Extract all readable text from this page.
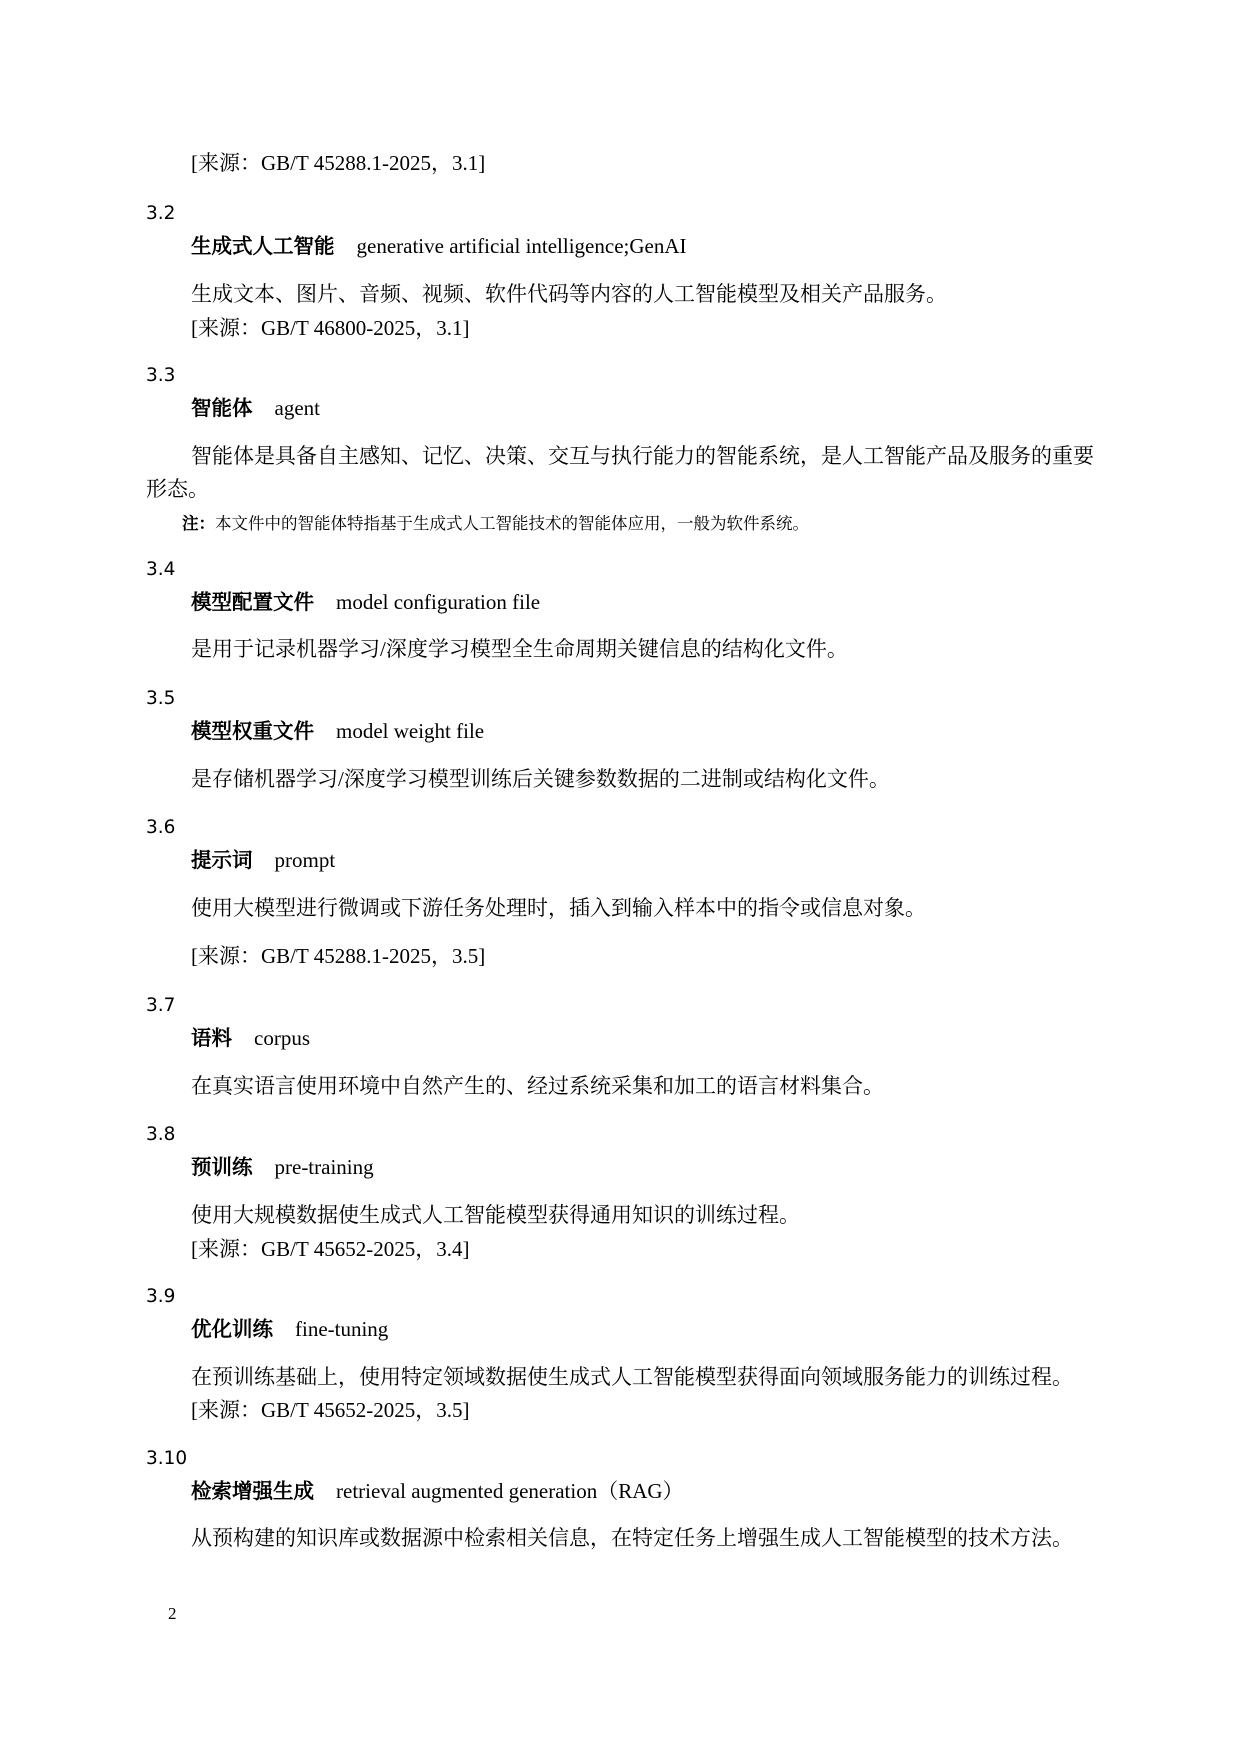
[来源：GB/T 45288.1-2025，3.1]
3.2
生成式人工智能 generative artificial intelligence;GenAI
生成文本、图片、音频、视频、软件代码等内容的人工智能模型及相关产品服务。
[来源：GB/T 46800-2025，3.1]
3.3
智能体 agent
智能体是具备自主感知、记忆、决策、交互与执行能力的智能系统，是人工智能产品及服务的重要
形态。
注：本文件中的智能体特指基于生成式人工智能技术的智能体应用，一般为软件系统。
3.4
模型配置文件 model configuration file
是用于记录机器学习/深度学习模型全生命周期关键信息的结构化文件。
3.5
模型权重文件 model weight file
是存储机器学习/深度学习模型训练后关键参数数据的二进制或结构化文件。
3.6
提示词 prompt
使用大模型进行微调或下游任务处理时，插入到输入样本中的指令或信息对象。
[来源：GB/T 45288.1-2025，3.5]
3.7
语料 corpus
在真实语言使用环境中自然产生的、经过系统采集和加工的语言材料集合。
3.8
预训练 pre-training
使用大规模数据使生成式人工智能模型获得通用知识的训练过程。
[来源：GB/T 45652-2025，3.4]
3.9
优化训练 fine-tuning
在预训练基础上，使用特定领域数据使生成式人工智能模型获得面向领域服务能力的训练过程。
[来源：GB/T 45652-2025，3.5]
3.10
检索增强生成 retrieval augmented generation（RAG）
从预构建的知识库或数据源中检索相关信息，在特定任务上增强生成人工智能模型的技术方法。
2
